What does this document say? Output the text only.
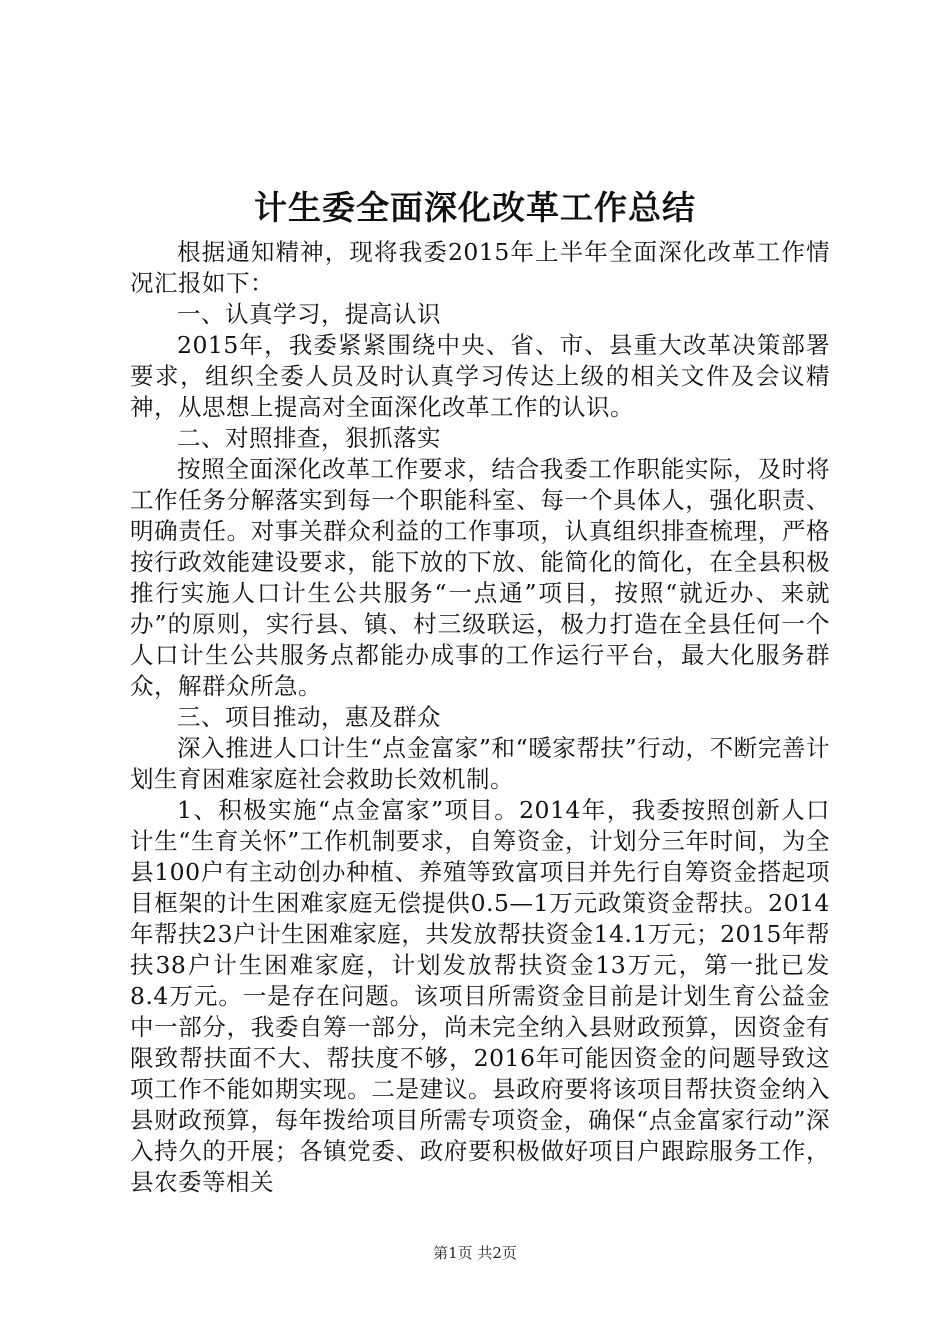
计生委全面深化改革工作总结

根据通知精神，现将我委2015年上半年全面深化改革工作情况汇报如下：

一、认真学习，提高认识

2015年，我委紧紧围绕中央、省、市、县重大改革决策部署要求，组织全委人员及时认真学习传达上级的相关文件及会议精神，从思想上提高对全面深化改革工作的认识。

二、对照排查，狠抓落实

按照全面深化改革工作要求，结合我委工作职能实际，及时将工作任务分解落实到每一个职能科室、每一个具体人，强化职责、明确责任。对事关群众利益的工作事项，认真组织排查梳理，严格按行政效能建设要求，能下放的下放、能简化的简化，在全县积极推行实施人口计生公共服务“一点通”项目，按照“就近办、来就办”的原则，实行县、镇、村三级联运，极力打造在全县任何一个人口计生公共服务点都能办成事的工作运行平台，最大化服务群众，解群众所急。

三、项目推动，惠及群众

深入推进人口计生“点金富家”和“暖家帮扶”行动，不断完善计划生育困难家庭社会救助长效机制。

1、积极实施“点金富家”项目。2014年，我委按照创新人口计生“生育关怀”工作机制要求，自筹资金，计划分三年时间，为全县100户有主动创办种植、养殖等致富项目并先行自筹资金搭起项目框架的计生困难家庭无偿提供0.5—1万元政策资金帮扶。2014年帮扶23户计生困难家庭，共发放帮扶资金14.1万元；2015年帮扶38户计生困难家庭，计划发放帮扶资金13万元，第一批已发8.4万元。一是存在问题。该项目所需资金目前是计划生育公益金中一部分，我委自筹一部分，尚未完全纳入县财政预算，因资金有限致帮扶面不大、帮扶度不够，2016年可能因资金的问题导致这项工作不能如期实现。二是建议。县政府要将该项目帮扶资金纳入县财政预算，每年拨给项目所需专项资金，确保“点金富家行动”深入持久的开展；各镇党委、政府要积极做好项目户跟踪服务工作，县农委等相关

第1页 共2页
